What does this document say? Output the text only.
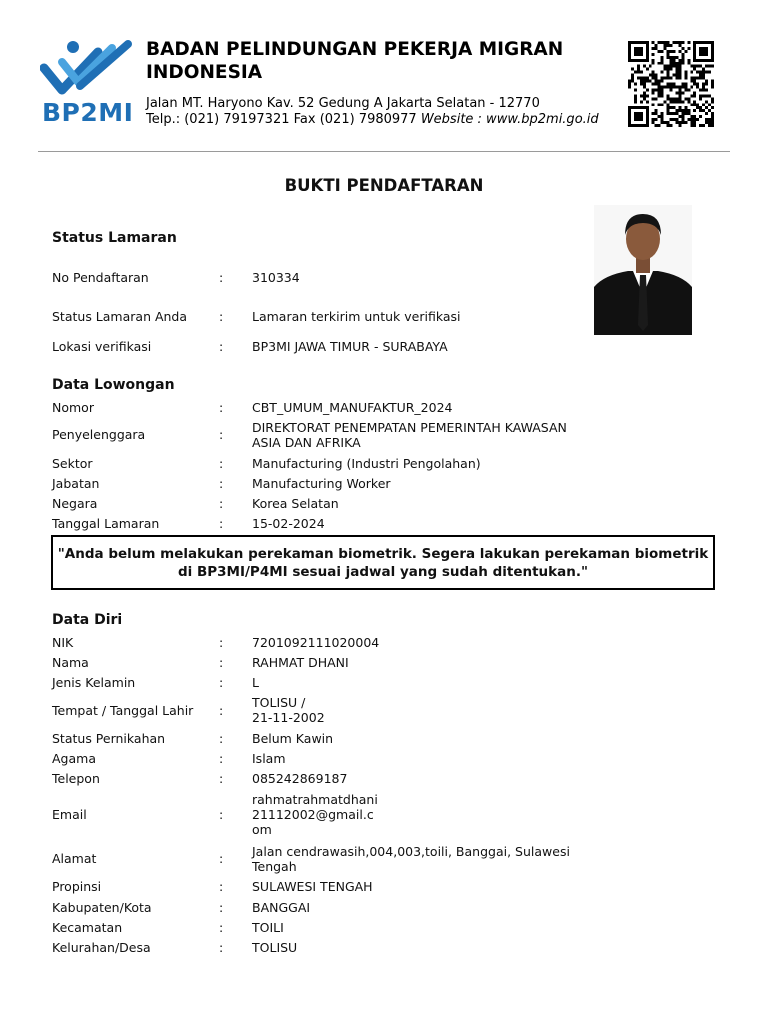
BP2MI
BADAN PELINDUNGAN PEKERJA MIGRAN
INDONESIA
Jalan MT. Haryono Kav. 52 Gedung A Jakarta Selatan - 12770
Telp.: (021) 79197321 Fax (021) 7980977 Website : www.bp2mi.go.id
BUKTI PENDAFTARAN
Status Lamaran
No Pendaftaran	: 310334
Status Lamaran Anda	: Lamaran terkirim untuk verifikasi
Lokasi verifikasi	: BP3MI JAWA TIMUR - SURABAYA
Data Lowongan
Nomor	: CBT_UMUM_MANUFAKTUR_2024
Penyelenggara	: DIREKTORAT PENEMPATAN PEMERINTAH KAWASAN
ASIA DAN AFRIKA
Sektor	: Manufacturing (Industri Pengolahan)
Jabatan	: Manufacturing Worker
Negara	: Korea Selatan
Tanggal Lamaran	: 15-02-2024
"Anda belum melakukan perekaman biometrik. Segera lakukan perekaman biometrik
di BP3MI/P4MI sesuai jadwal yang sudah ditentukan."
Data Diri
NIK	: 7201092111020004
Nama	: RAHMAT DHANI
Jenis Kelamin	: L
Tempat / Tanggal Lahir :
TOLISU /
21-11-2002
Status Pernikahan	: Belum Kawin
Agama	: Islam
Telepon	: 085242869187
Email	:
rahmatrahmatdhani
21112002@gmail.c
om
Alamat	: Jalan cendrawasih,004,003,toili, Banggai, Sulawesi
Tengah
Propinsi	: SULAWESI TENGAH
Kabupaten/Kota	: BANGGAI
Kecamatan	: TOILI
Kelurahan/Desa	: TOLISU
